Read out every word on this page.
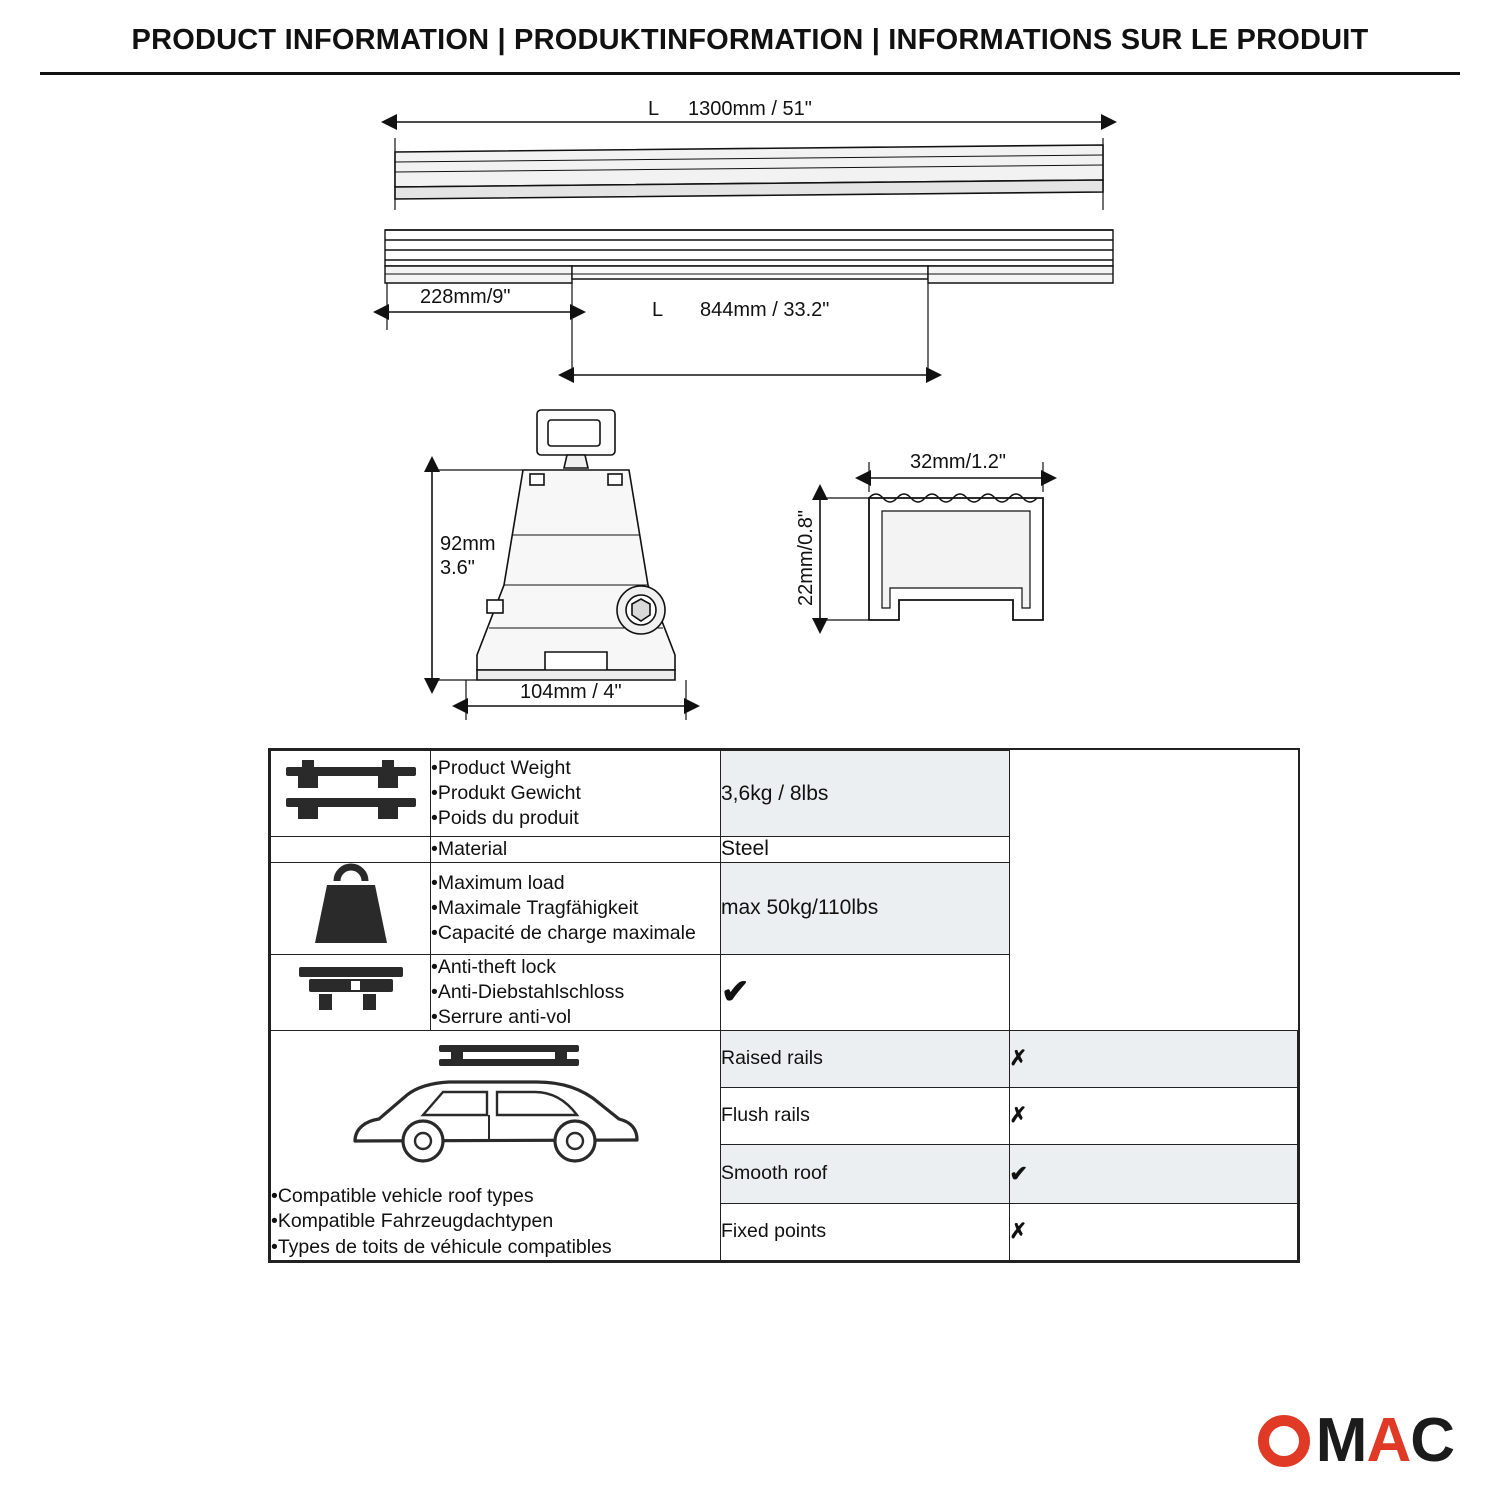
PRODUCT INFORMATION | PRODUKTINFORMATION | INFORMATIONS SUR LE PRODUIT
L 1300mm / 51"
228mm/9"
L 844mm / 33.2"
92mm
3.6"
104mm / 4"
32mm/1.2"
22mm/0.8"

•Product Weight
•Produkt Gewicht
•Poids du produit	3,6kg / 8lbs	

	•Material	Steel	

•Maximum load
•Maximale Tragfähigkeit
•Capacité de charge maximale	max 50kg/110lbs	

•Anti-theft lock
•Anti-Diebstahlschloss
•Serrure anti-vol	✔	

•Compatible vehicle roof types
•Kompatible Fahrzeugdachtypen
•Types de toits de véhicule compatibles		Raised rails	✗
		Flush rails	✗
		Smooth roof	✔
		Fixed points	✗
MAC
